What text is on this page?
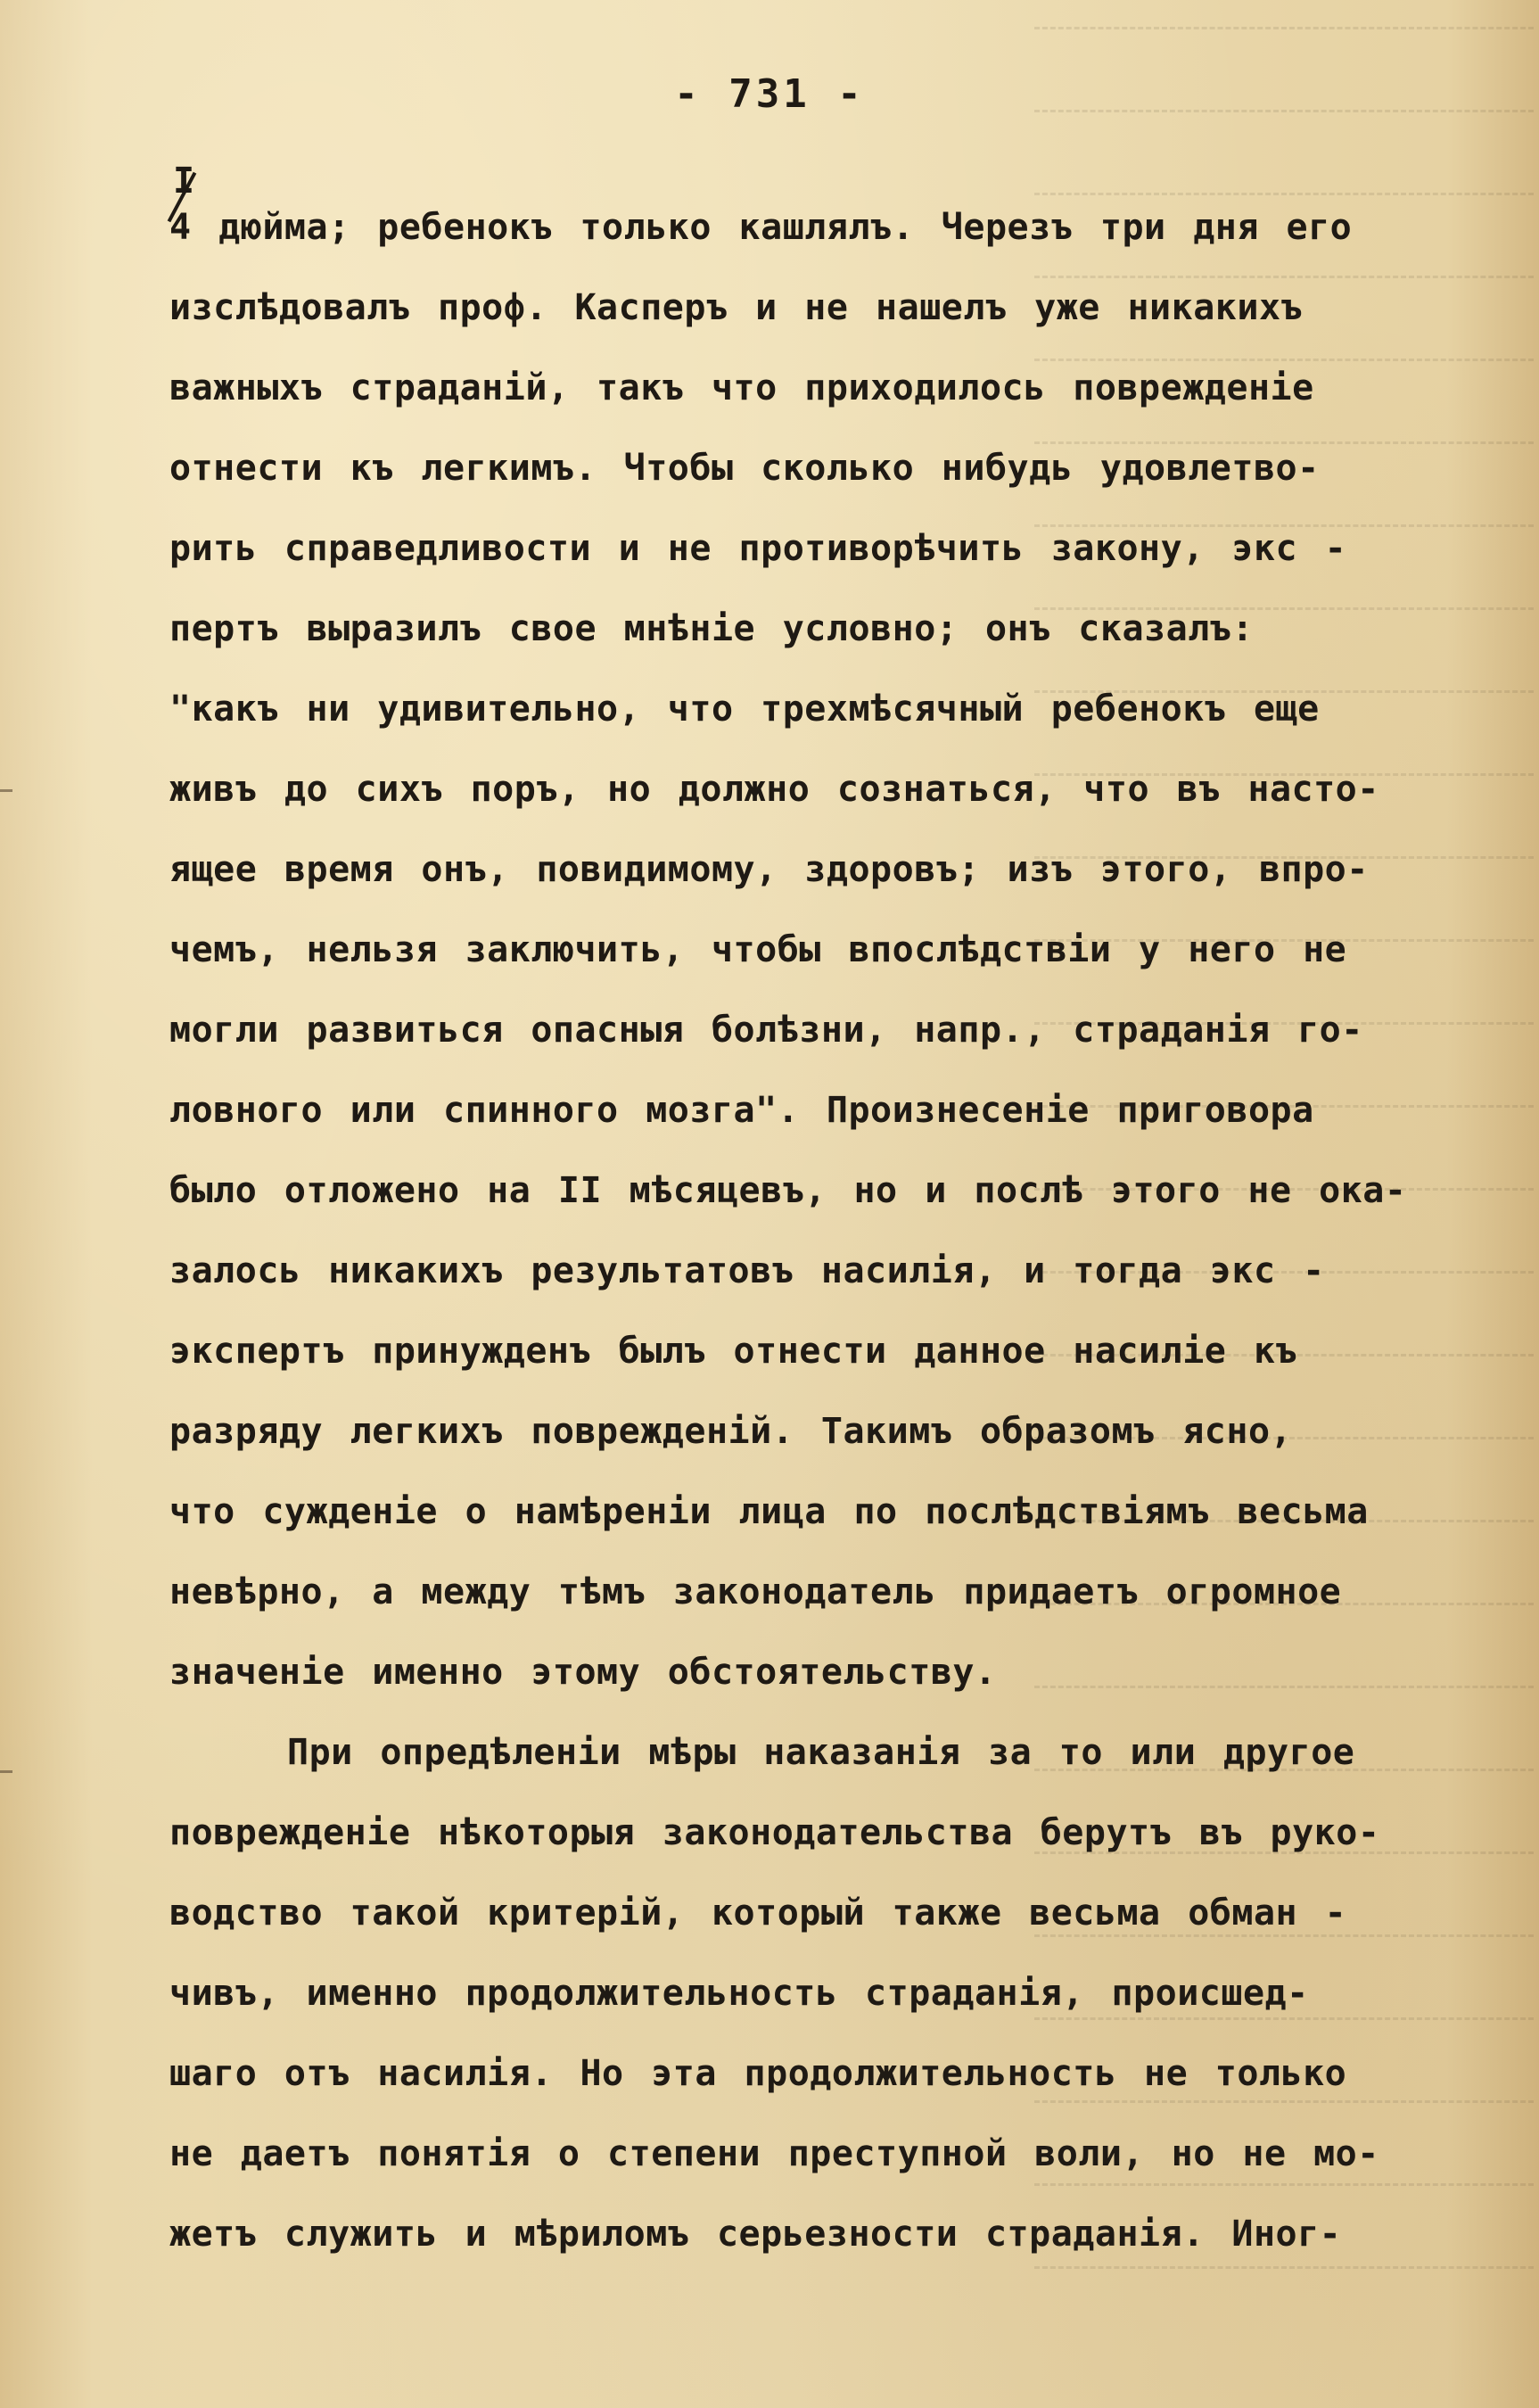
- 731 -
I
4 дюйма; ребенокъ только кашлялъ. Черезъ три дня его
изслѣдовалъ проф. Касперъ и не нашелъ уже никакихъ
важныхъ страданій, такъ что приходилось поврежденіе
отнести къ легкимъ. Чтобы сколько нибудь удовлетво-
рить справедливости и не противорѣчить закону, экс -
пертъ выразилъ свое мнѣніе условно; онъ сказалъ:
"какъ ни удивительно, что трехмѣсячный ребенокъ еще
живъ до сихъ поръ, но должно сознаться, что въ насто-
ящее время онъ, повидимому, здоровъ; изъ этого, впро-
чемъ, нельзя заключить, чтобы впослѣдствіи у него не
могли развиться опасныя болѣзни, напр., страданія го-
ловного или спинного мозга". Произнесеніе приговора
было отложено на II мѣсяцевъ, но и послѣ этого не ока-
залось никакихъ результатовъ насилія, и тогда экс -
экспертъ принужденъ былъ отнести данное насиліе къ
разряду легкихъ поврежденій. Такимъ образомъ ясно,
что сужденіе о намѣреніи лица по послѣдствіямъ весьма
невѣрно, а между тѣмъ законодатель придаетъ огромное
значеніе именно этому обстоятельству.
При опредѣленіи мѣры наказанія за то или другое
поврежденіе нѣкоторыя законодательства берутъ въ руко-
водство такой критерій, который также весьма обман -
чивъ, именно продолжительность страданія, происшед-
шаго отъ насилія. Но эта продолжительность не только
не даетъ понятія о степени преступной воли, но не мо-
жетъ служить и мѣриломъ серьезности страданія. Иног-
